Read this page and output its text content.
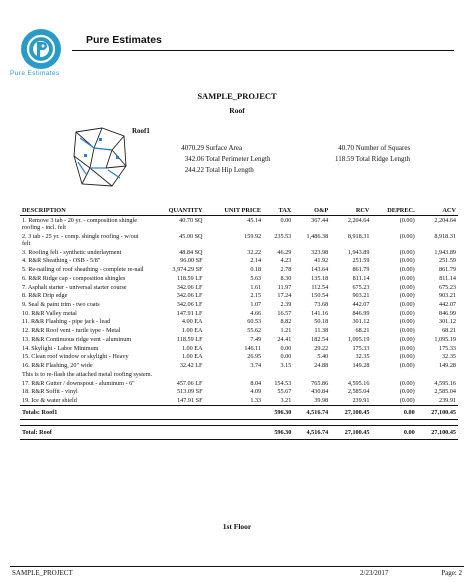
Pure Estimates
Pure Estimates
SAMPLE_PROJECT
Roof
Roof1
4070.29 Surface Area
342.06 Total Perimeter Length
244.22 Total Hip Length
40.70 Number of Squares
118.59 Total Ridge Length
DESCRIPTION	QUANTITY	UNIT PRICE	TAX	O&P	RCV	DEPREC.	ACV
1. Remove 3 tab - 20 yr. - composition shingle roofing - incl. felt	40.70 SQ	45.14	0.00	367.44	2,204.64	(0.00)	2,204.64
2. 3 tab - 25 yr. - comp. shingle roofing - w/out felt	45.00 SQ	159.92	235.53	1,486.38	8,918.31	(0.00)	8,918.31
3. Roofing felt - synthetic underlayment	48.84 SQ	32.22	46.29	323.98	1,943.89	(0.00)	1,943.89
4. R&R Sheathing - OSB - 5/8"	96.00 SF	2.14	4.23	41.92	251.59	(0.00)	251.59
5. Re-nailing of roof sheathing - complete re-nail	3,974.29 SF	0.18	2.78	143.64	861.79	(0.00)	861.79
6. R&R Ridge cap - composition shingles	118.59 LF	5.63	8.30	135.18	811.14	(0.00)	811.14
7. Asphalt starter - universal starter course	342.06 LF	1.61	11.97	112.54	675.23	(0.00)	675.23
8. R&R Drip edge	342.06 LF	2.15	17.24	150.54	903.21	(0.00)	903.21
9. Seal & paint trim - two coats	342.06 LF	1.07	2.39	73.68	442.07	(0.00)	442.07
10. R&R Valley metal	147.91 LF	4.66	16.57	141.16	846.99	(0.00)	846.99
11. R&R Flashing - pipe jack - lead	4.00 EA	60.53	8.82	50.18	301.12	(0.00)	301.12
12. R&R Roof vent - turtle type - Metal	1.00 EA	55.62	1.21	11.38	68.21	(0.00)	68.21
13. R&R Continuous ridge vent - aluminum	118.59 LF	7.49	24.41	182.54	1,095.19	(0.00)	1,095.19
14. Skylight - Labor Minimum	1.00 EA	146.11	0.00	29.22	175.33	(0.00)	175.33
15. Clean roof window or skylight - Heavy	1.00 EA	26.95	0.00	5.40	32.35	(0.00)	32.35
16. R&R Flashing, 20" wide	32.42 LF	3.74	3.15	24.88	149.28	(0.00)	149.28
This is to re-flash the attached metal roofing system.							
17. R&R Gutter / downspout - aluminum - 6"	457.06 LF	8.04	154.53	765.86	4,595.16	(0.00)	4,595.16
18. R&R Soffit - vinyl	513.09 SF	4.09	55.67	430.84	2,585.04	(0.00)	2,585.04
19. Ice & water shield	147.91 SF	1.33	3.21	39.98	239.91	(0.00)	239.91
Totals: Roof1			596.30	4,516.74	27,100.45	0.00	27,100.45

Total: Roof			596.30	4,516.74	27,100.45	0.00	27,100.45
1st Floor
SAMPLE_PROJECT	2/23/2017	Page: 2
